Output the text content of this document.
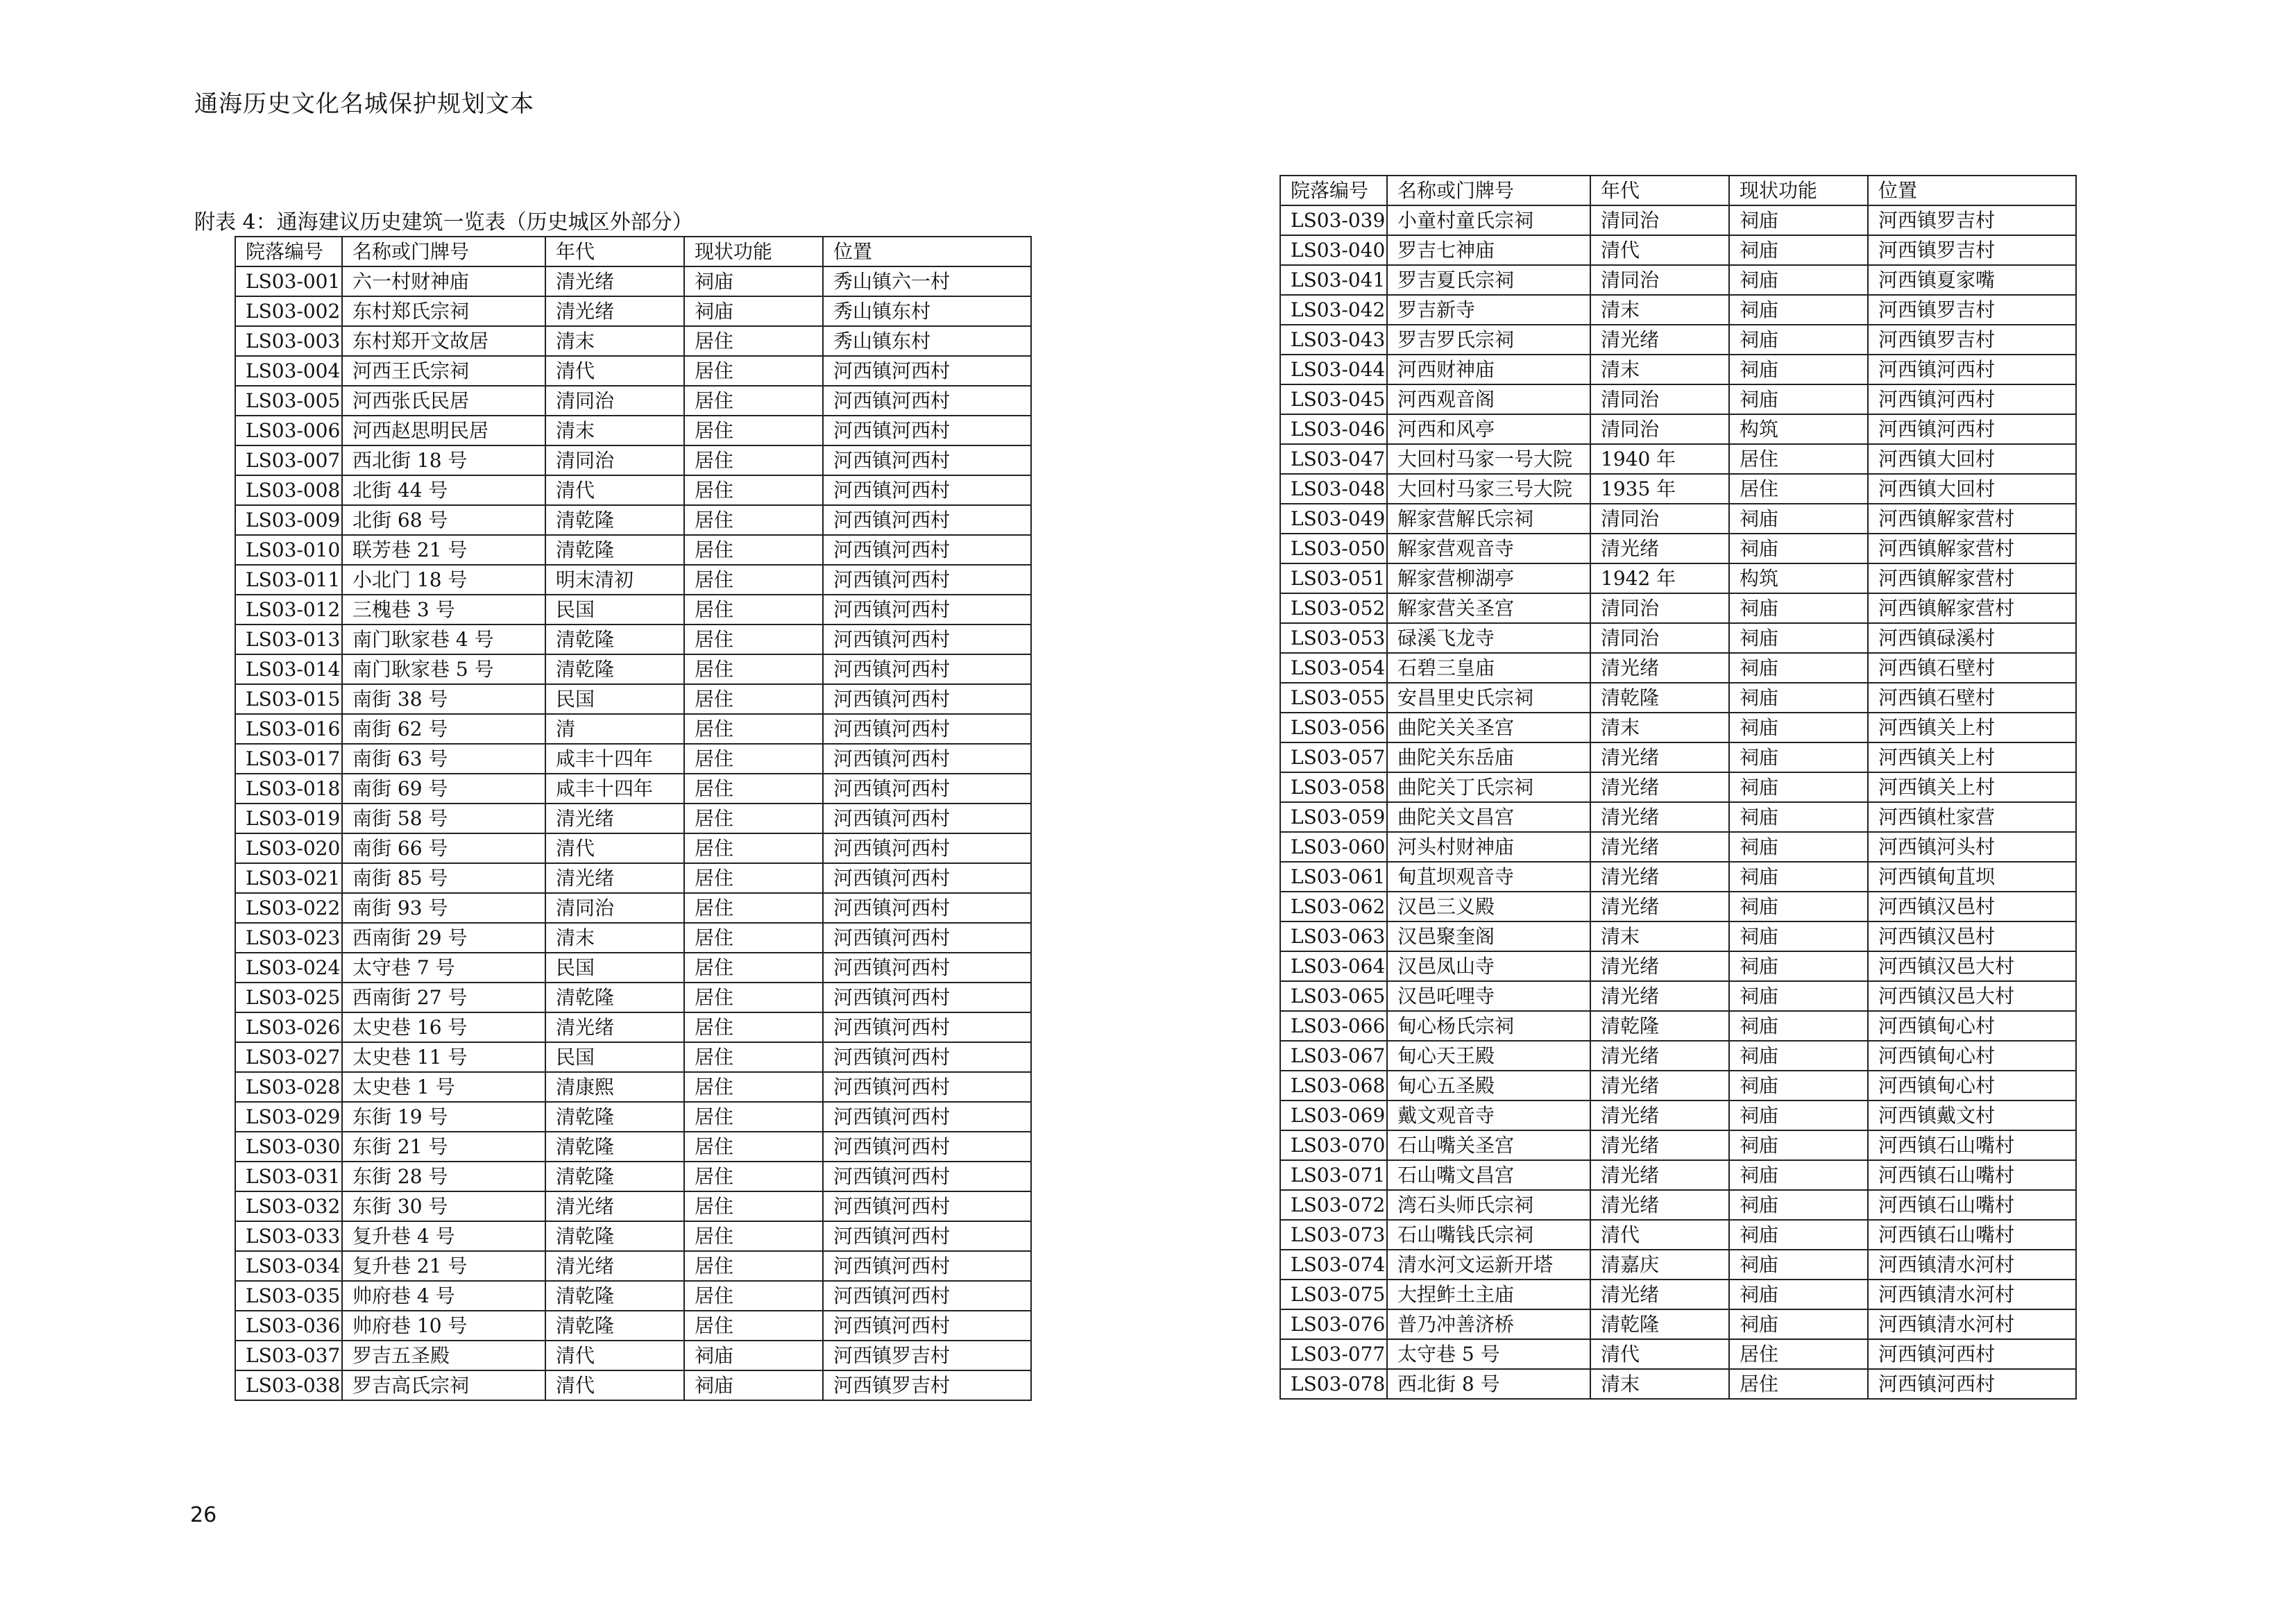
通海历史文化名城保护规划文本
附表 4：通海建议历史建筑一览表（历史城区外部分）
院落编号	名称或门牌号	年代	现状功能	位置
LS03-001	六一村财神庙	清光绪	祠庙	秀山镇六一村
LS03-002	东村郑氏宗祠	清光绪	祠庙	秀山镇东村
LS03-003	东村郑开文故居	清末	居住	秀山镇东村
LS03-004	河西王氏宗祠	清代	居住	河西镇河西村
LS03-005	河西张氏民居	清同治	居住	河西镇河西村
LS03-006	河西赵思明民居	清末	居住	河西镇河西村
LS03-007	西北街 18 号	清同治	居住	河西镇河西村
LS03-008	北街 44 号	清代	居住	河西镇河西村
LS03-009	北街 68 号	清乾隆	居住	河西镇河西村
LS03-010	联芳巷 21 号	清乾隆	居住	河西镇河西村
LS03-011	小北门 18 号	明末清初	居住	河西镇河西村
LS03-012	三槐巷 3 号	民国	居住	河西镇河西村
LS03-013	南门耿家巷 4 号	清乾隆	居住	河西镇河西村
LS03-014	南门耿家巷 5 号	清乾隆	居住	河西镇河西村
LS03-015	南街 38 号	民国	居住	河西镇河西村
LS03-016	南街 62 号	清	居住	河西镇河西村
LS03-017	南街 63 号	咸丰十四年	居住	河西镇河西村
LS03-018	南街 69 号	咸丰十四年	居住	河西镇河西村
LS03-019	南街 58 号	清光绪	居住	河西镇河西村
LS03-020	南街 66 号	清代	居住	河西镇河西村
LS03-021	南街 85 号	清光绪	居住	河西镇河西村
LS03-022	南街 93 号	清同治	居住	河西镇河西村
LS03-023	西南街 29 号	清末	居住	河西镇河西村
LS03-024	太守巷 7 号	民国	居住	河西镇河西村
LS03-025	西南街 27 号	清乾隆	居住	河西镇河西村
LS03-026	太史巷 16 号	清光绪	居住	河西镇河西村
LS03-027	太史巷 11 号	民国	居住	河西镇河西村
LS03-028	太史巷 1 号	清康熙	居住	河西镇河西村
LS03-029	东街 19 号	清乾隆	居住	河西镇河西村
LS03-030	东街 21 号	清乾隆	居住	河西镇河西村
LS03-031	东街 28 号	清乾隆	居住	河西镇河西村
LS03-032	东街 30 号	清光绪	居住	河西镇河西村
LS03-033	复升巷 4 号	清乾隆	居住	河西镇河西村
LS03-034	复升巷 21 号	清光绪	居住	河西镇河西村
LS03-035	帅府巷 4 号	清乾隆	居住	河西镇河西村
LS03-036	帅府巷 10 号	清乾隆	居住	河西镇河西村
LS03-037	罗吉五圣殿	清代	祠庙	河西镇罗吉村
LS03-038	罗吉高氏宗祠	清代	祠庙	河西镇罗吉村
院落编号	名称或门牌号	年代	现状功能	位置
LS03-039	小童村童氏宗祠	清同治	祠庙	河西镇罗吉村
LS03-040	罗吉七神庙	清代	祠庙	河西镇罗吉村
LS03-041	罗吉夏氏宗祠	清同治	祠庙	河西镇夏家嘴
LS03-042	罗吉新寺	清末	祠庙	河西镇罗吉村
LS03-043	罗吉罗氏宗祠	清光绪	祠庙	河西镇罗吉村
LS03-044	河西财神庙	清末	祠庙	河西镇河西村
LS03-045	河西观音阁	清同治	祠庙	河西镇河西村
LS03-046	河西和风亭	清同治	构筑	河西镇河西村
LS03-047	大回村马家一号大院	1940 年	居住	河西镇大回村
LS03-048	大回村马家三号大院	1935 年	居住	河西镇大回村
LS03-049	解家营解氏宗祠	清同治	祠庙	河西镇解家营村
LS03-050	解家营观音寺	清光绪	祠庙	河西镇解家营村
LS03-051	解家营柳湖亭	1942 年	构筑	河西镇解家营村
LS03-052	解家营关圣宫	清同治	祠庙	河西镇解家营村
LS03-053	碌溪飞龙寺	清同治	祠庙	河西镇碌溪村
LS03-054	石碧三皇庙	清光绪	祠庙	河西镇石壁村
LS03-055	安昌里史氏宗祠	清乾隆	祠庙	河西镇石壁村
LS03-056	曲陀关关圣宫	清末	祠庙	河西镇关上村
LS03-057	曲陀关东岳庙	清光绪	祠庙	河西镇关上村
LS03-058	曲陀关丁氏宗祠	清光绪	祠庙	河西镇关上村
LS03-059	曲陀关文昌宫	清光绪	祠庙	河西镇杜家营
LS03-060	河头村财神庙	清光绪	祠庙	河西镇河头村
LS03-061	甸苴坝观音寺	清光绪	祠庙	河西镇甸苴坝
LS03-062	汉邑三义殿	清光绪	祠庙	河西镇汉邑村
LS03-063	汉邑聚奎阁	清末	祠庙	河西镇汉邑村
LS03-064	汉邑凤山寺	清光绪	祠庙	河西镇汉邑大村
LS03-065	汉邑吒哩寺	清光绪	祠庙	河西镇汉邑大村
LS03-066	甸心杨氏宗祠	清乾隆	祠庙	河西镇甸心村
LS03-067	甸心天王殿	清光绪	祠庙	河西镇甸心村
LS03-068	甸心五圣殿	清光绪	祠庙	河西镇甸心村
LS03-069	戴文观音寺	清光绪	祠庙	河西镇戴文村
LS03-070	石山嘴关圣宫	清光绪	祠庙	河西镇石山嘴村
LS03-071	石山嘴文昌宫	清光绪	祠庙	河西镇石山嘴村
LS03-072	湾石头师氏宗祠	清光绪	祠庙	河西镇石山嘴村
LS03-073	石山嘴钱氏宗祠	清代	祠庙	河西镇石山嘴村
LS03-074	清水河文运新开塔	清嘉庆	祠庙	河西镇清水河村
LS03-075	大捏鲊土主庙	清光绪	祠庙	河西镇清水河村
LS03-076	普乃冲善济桥	清乾隆	祠庙	河西镇清水河村
LS03-077	太守巷 5 号	清代	居住	河西镇河西村
LS03-078	西北街 8 号	清末	居住	河西镇河西村
26
